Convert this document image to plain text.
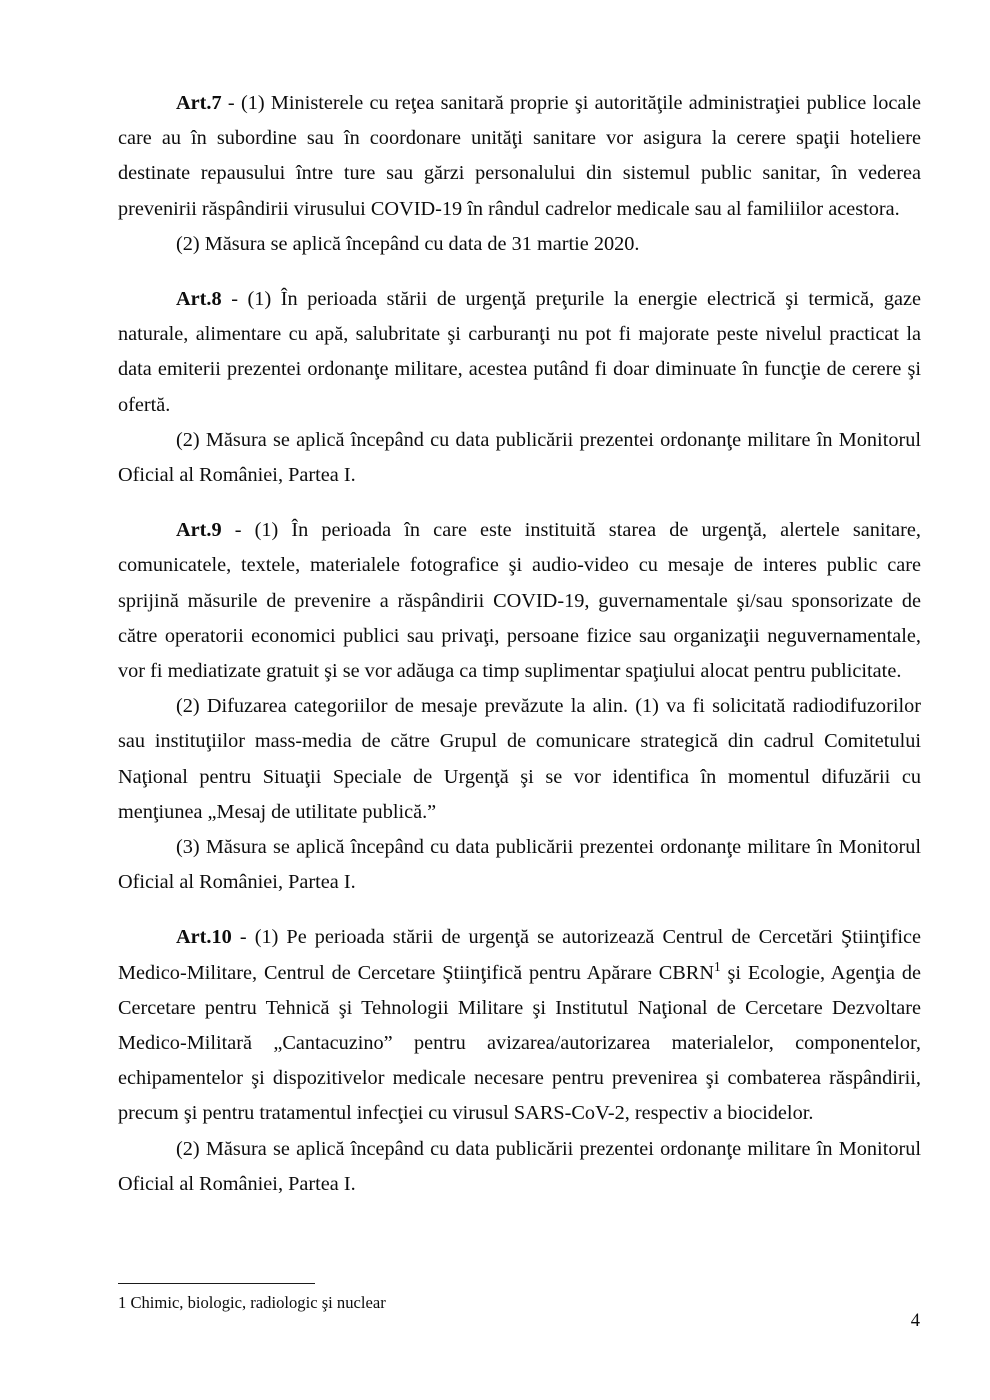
Art.7 - (1) Ministerele cu reţea sanitară proprie şi autorităţile administraţiei publice locale care au în subordine sau în coordonare unităţi sanitare vor asigura la cerere spaţii hoteliere destinate repausului între ture sau gărzi personalului din sistemul public sanitar, în vederea prevenirii răspândirii virusului COVID-19 în rândul cadrelor medicale sau al familiilor acestora.

(2) Măsura se aplică începând cu data de 31 martie 2020.

Art.8 - (1) În perioada stării de urgenţă preţurile la energie electrică şi termică, gaze naturale, alimentare cu apă, salubritate şi carburanţi nu pot fi majorate peste nivelul practicat la data emiterii prezentei ordonanţe militare, acestea putând fi doar diminuate în funcţie de cerere şi ofertă.

(2) Măsura se aplică începând cu data publicării prezentei ordonanţe militare în Monitorul Oficial al României, Partea I.

Art.9 - (1) În perioada în care este instituită starea de urgenţă, alertele sanitare, comunicatele, textele, materialele fotografice şi audio-video cu mesaje de interes public care sprijină măsurile de prevenire a răspândirii COVID-19, guvernamentale şi/sau sponsorizate de către operatorii economici publici sau privaţi, persoane fizice sau organizaţii neguvernamentale, vor fi mediatizate gratuit şi se vor adăuga ca timp suplimentar spaţiului alocat pentru publicitate.

(2) Difuzarea categoriilor de mesaje prevăzute la alin. (1) va fi solicitată radiodifuzorilor sau instituţiilor mass-media de către Grupul de comunicare strategică din cadrul Comitetului Naţional pentru Situaţii Speciale de Urgenţă şi se vor identifica în momentul difuzării cu menţiunea „Mesaj de utilitate publică.”

(3) Măsura se aplică începând cu data publicării prezentei ordonanţe militare în Monitorul Oficial al României, Partea I.

Art.10 - (1) Pe perioada stării de urgenţă se autorizează Centrul de Cercetări Ştiinţifice Medico-Militare, Centrul de Cercetare Ştiinţifică pentru Apărare CBRN$^1$ şi Ecologie, Agenţia de Cercetare pentru Tehnică şi Tehnologii Militare şi Institutul Naţional de Cercetare Dezvoltare Medico-Militară „Cantacuzino” pentru avizarea/autorizarea materialelor, componentelor, echipamentelor şi dispozitivelor medicale necesare pentru prevenirea şi combaterea răspândirii, precum şi pentru tratamentul infecţiei cu virusul SARS-CoV-2, respectiv a biocidelor.

(2) Măsura se aplică începând cu data publicării prezentei ordonanţe militare în Monitorul Oficial al României, Partea I.

1 Chimic, biologic, radiologic şi nuclear

4
